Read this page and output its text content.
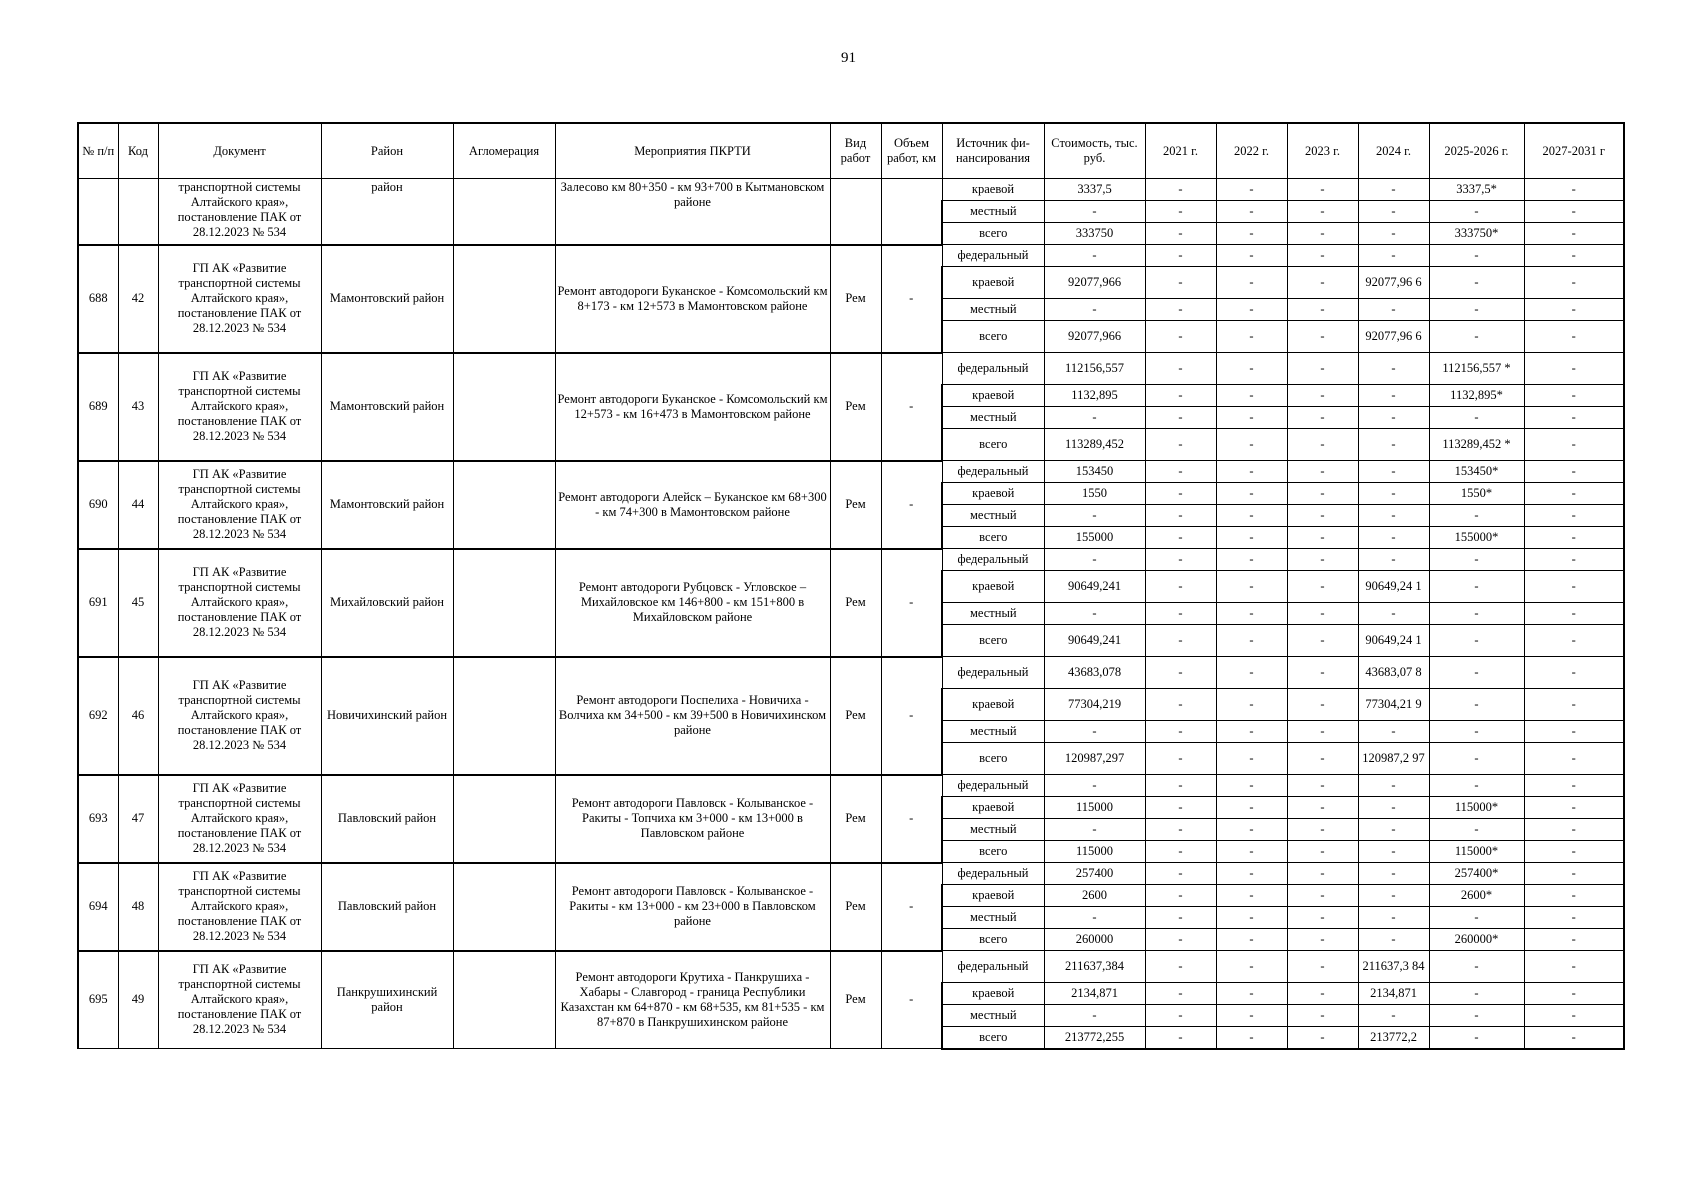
91
№ п/п	Код	Документ	Район	Агломерация	Мероприятия ПКРТИ	Вид работ	Объем работ, км	Источник фи-нансирования	Стоимость, тыс. руб.	2021 г.	2022 г.	2023 г.	2024 г.	2025-2026 г.	2027-2031 г
		транспортной системы Алтайского края», постановление ПАК от 28.12.2023 № 534	район		Залесово км 80+350 - км 93+700 в Кытмановском районе			краевой	3337,5	-	-	-	-	3337,5*	-
								местный	-	-	-	-	-	-	-
								всего	333750	-	-	-	-	333750*	-
688	42	ГП АК «Развитие транспортной системы Алтайского края», постановление ПАК от 28.12.2023 № 534	Мамонтовский район		Ремонт автодороги Буканское - Комсомольский км 8+173 - км 12+573 в Мамонтовском районе	Рем	-	федеральный	-	-	-	-	-	-	-
								краевой	92077,966	-	-	-	92077,96 6	-	-
								местный	-	-	-	-	-	-	-
								всего	92077,966	-	-	-	92077,96 6	-	-
689	43	ГП АК «Развитие транспортной системы Алтайского края», постановление ПАК от 28.12.2023 № 534	Мамонтовский район		Ремонт автодороги Буканское - Комсомольский км 12+573 - км 16+473 в Мамонтовском районе	Рем	-	федеральный	112156,557	-	-	-	-	112156,557 *	-
								краевой	1132,895	-	-	-	-	1132,895*	-
								местный	-	-	-	-	-	-	-
								всего	113289,452	-	-	-	-	113289,452 *	-
690	44	ГП АК «Развитие транспортной системы Алтайского края», постановление ПАК от 28.12.2023 № 534	Мамонтовский район		Ремонт автодороги Алейск – Буканское км 68+300 - км 74+300 в Мамонтовском районе	Рем	-	федеральный	153450	-	-	-	-	153450*	-
								краевой	1550	-	-	-	-	1550*	-
								местный	-	-	-	-	-	-	-
								всего	155000	-	-	-	-	155000*	-
691	45	ГП АК «Развитие транспортной системы Алтайского края», постановление ПАК от 28.12.2023 № 534	Михайловский район		Ремонт автодороги Рубцовск - Угловское – Михайловское км 146+800 - км 151+800 в Михайловском районе	Рем	-	федеральный	-	-	-	-	-	-	-
								краевой	90649,241	-	-	-	90649,24 1	-	-
								местный	-	-	-	-	-	-	-
								всего	90649,241	-	-	-	90649,24 1	-	-
692	46	ГП АК «Развитие транспортной системы Алтайского края», постановление ПАК от 28.12.2023 № 534	Новичихинский район		Ремонт автодороги Поспелиха - Новичиха - Волчиха км 34+500 - км 39+500 в Новичихинском районе	Рем	-	федеральный	43683,078	-	-	-	43683,07 8	-	-
								краевой	77304,219	-	-	-	77304,21 9	-	-
								местный	-	-	-	-	-	-	-
								всего	120987,297	-	-	-	120987,2 97	-	-
693	47	ГП АК «Развитие транспортной системы Алтайского края», постановление ПАК от 28.12.2023 № 534	Павловский район		Ремонт автодороги Павловск - Колыванское - Ракиты - Топчиха км 3+000 - км 13+000 в Павловском районе	Рем	-	федеральный	-	-	-	-	-	-	-
								краевой	115000	-	-	-	-	115000*	-
								местный	-	-	-	-	-	-	-
								всего	115000	-	-	-	-	115000*	-
694	48	ГП АК «Развитие транспортной системы Алтайского края», постановление ПАК от 28.12.2023 № 534	Павловский район		Ремонт автодороги Павловск - Колыванское - Ракиты - км 13+000 - км 23+000 в Павловском районе	Рем	-	федеральный	257400	-	-	-	-	257400*	-
								краевой	2600	-	-	-	-	2600*	-
								местный	-	-	-	-	-	-	-
								всего	260000	-	-	-	-	260000*	-
695	49	ГП АК «Развитие транспортной системы Алтайского края», постановление ПАК от 28.12.2023 № 534	Панкрушихинский район		Ремонт автодороги Крутиха - Панкрушиха - Хабары - Славгород - граница Республики Казахстан км 64+870 - км 68+535, км 81+535 - км 87+870 в Панкрушихинском районе	Рем	-	федеральный	211637,384	-	-	-	211637,3 84	-	-
								краевой	2134,871	-	-	-	2134,871	-	-
								местный	-	-	-	-	-	-	-
								всего	213772,255	-	-	-	213772,2	-	-
